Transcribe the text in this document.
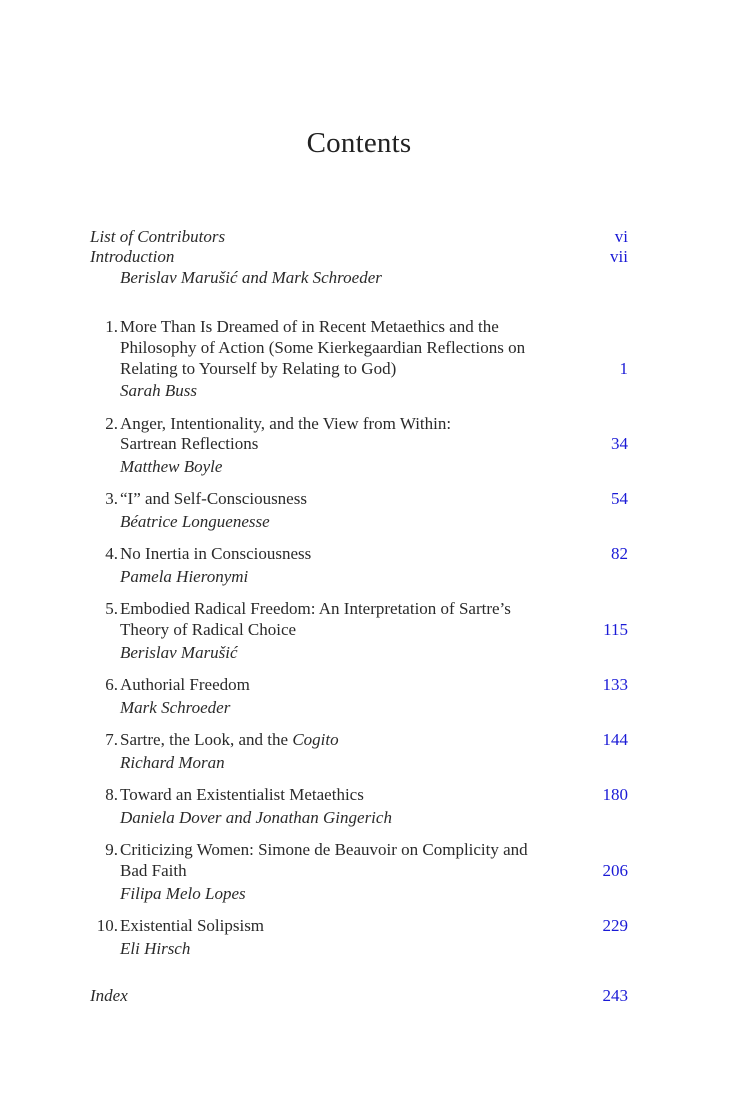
Contents
List of Contributors	vi
Introduction	vii
Berislav Marušić and Mark Schroeder
1. More Than Is Dreamed of in Recent Metaethics and the
Philosophy of Action (Some Kierkegaardian Reflections on
Relating to Yourself by Relating to God)	1
Sarah Buss
2. Anger, Intentionality, and the View from Within:
Sartrean Reflections	34
Matthew Boyle
3. “I” and Self-Consciousness	54
Béatrice Longuenesse
4. No Inertia in Consciousness	82
Pamela Hieronymi
5. Embodied Radical Freedom: An Interpretation of Sartre’s
Theory of Radical Choice	115
Berislav Marušić
6. Authorial Freedom	133
Mark Schroeder
7. Sartre, the Look, and the Cogito	144
Richard Moran
8. Toward an Existentialist Metaethics	180
Daniela Dover and Jonathan Gingerich
9. Criticizing Women: Simone de Beauvoir on Complicity and
Bad Faith	206
Filipa Melo Lopes
10. Existential Solipsism	229
Eli Hirsch
Index	243
